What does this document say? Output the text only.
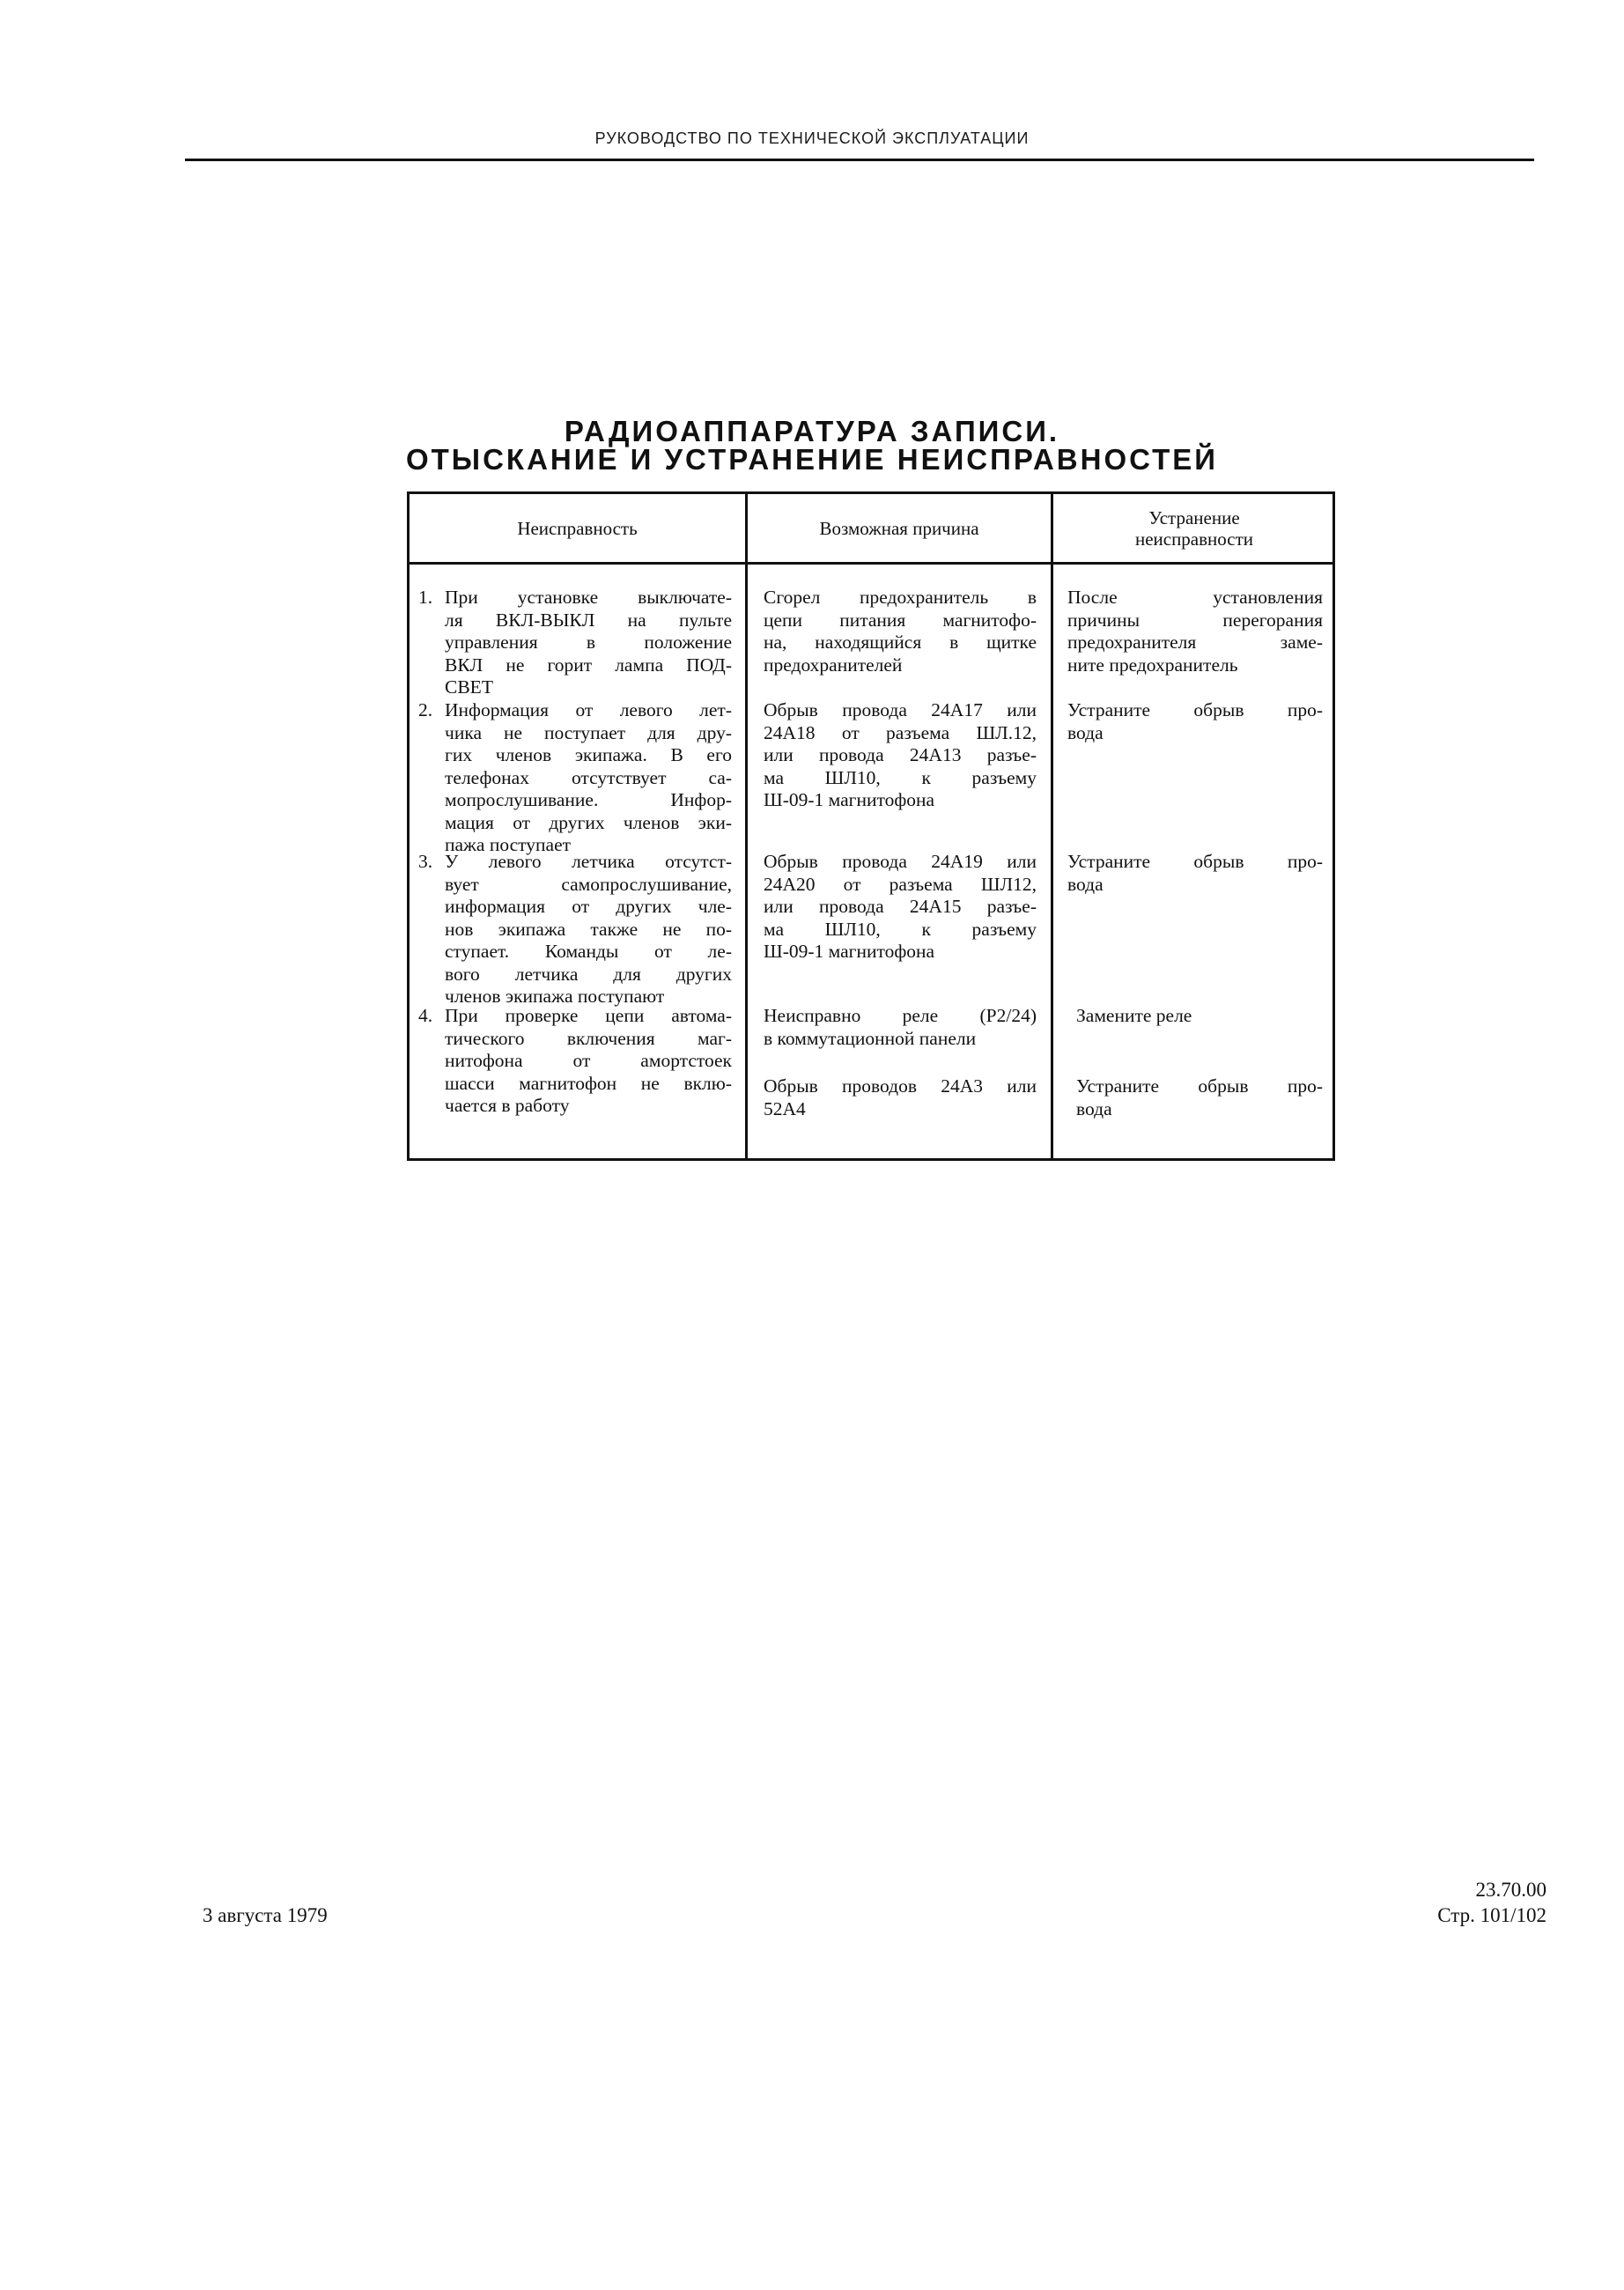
РУКОВОДСТВО ПО ТЕХНИЧЕСКОЙ ЭКСПЛУАТАЦИИ
РАДИОАППАРАТУРА ЗАПИСИ.
ОТЫСКАНИЕ И УСТРАНЕНИЕ НЕИСПРАВНОСТЕЙ
Неисправность	Возможная причина	Устранение
неисправности
1. При установке выключате-
ля ВКЛ-ВЫКЛ на пульте
управления в положение
ВКЛ не горит лампа ПОД-
СВЕТ
Сгорел предохранитель в
цепи питания магнитофо-
на, находящийся в щитке
предохранителей
После установления
причины перегорания
предохранителя заме-
ните предохранитель
2. Информация от левого лет-
чика не поступает для дру-
гих членов экипажа. В его
телефонах отсутствует са-
мопрослушивание. Инфор-
мация от других членов эки-
пажа поступает
Обрыв провода 24А17 или
24А18 от разъема ШЛ.12,
или провода 24А13 разъе-
ма ШЛ10, к разъему
Ш-09-1 магнитофона
Устраните обрыв про-
вода
3. У левого летчика отсутст-
вует самопрослушивание,
информация от других чле-
нов экипажа также не по-
ступает. Команды от ле-
вого летчика для других
членов экипажа поступают
Обрыв провода 24А19 или
24А20 от разъема ШЛ12,
или провода 24А15 разъе-
ма ШЛ10, к разъему
Ш-09-1 магнитофона
Устраните обрыв про-
вода
4. При проверке цепи автома-
тического включения маг-
нитофона от амортстоек
шасси магнитофон не вклю-
чается в работу
Неисправно реле (Р2/24)
в коммутационной панели
Замените реле
Обрыв проводов 24А3 или
52А4
Устраните обрыв про-
вода
3 августа 1979
23.70.00
Стр. 101/102
